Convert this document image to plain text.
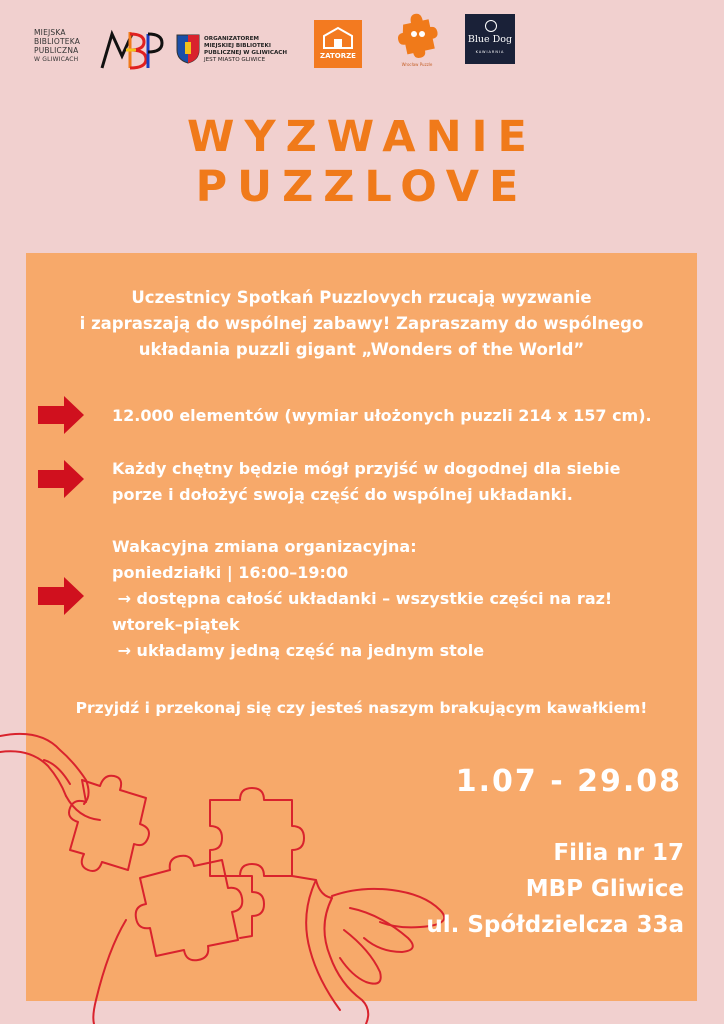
MIEJSKA
BIBLIOTEKA
PUBLICZNA
W GLIWICACH
ORGANIZATOREM
MIEJSKIEJ BIBLIOTEKI
PUBLICZNEJ W GLIWICACH
JEST MIASTO GLIWICE	ZATORZE
Wrocław Puzzle
Blue Dog
KAWIARNIA
WYZWANIE
PUZZLOVE
Uczestnicy Spotkań Puzzlovych rzucają wyzwanie
i zapraszają do wspólnej zabawy! Zapraszamy do wspólnego
układania puzzli gigant „Wonders of the World”
12.000 elementów (wymiar ułożonych puzzli 214 x 157 cm).
Każdy chętny będzie mógł przyjść w dogodnej dla siebie
porze i dołożyć swoją część do wspólnej układanki.
Wakacyjna zmiana organizacyjna:
poniedziałki | 16:00–19:00
→ dostępna całość układanki – wszystkie części na raz!
wtorek–piątek
→ układamy jedną część na jednym stole
Przyjdź i przekonaj się czy jesteś naszym brakującym kawałkiem!
1.07 - 29.08
Filia nr 17
MBP Gliwice
ul. Spółdzielcza 33a
